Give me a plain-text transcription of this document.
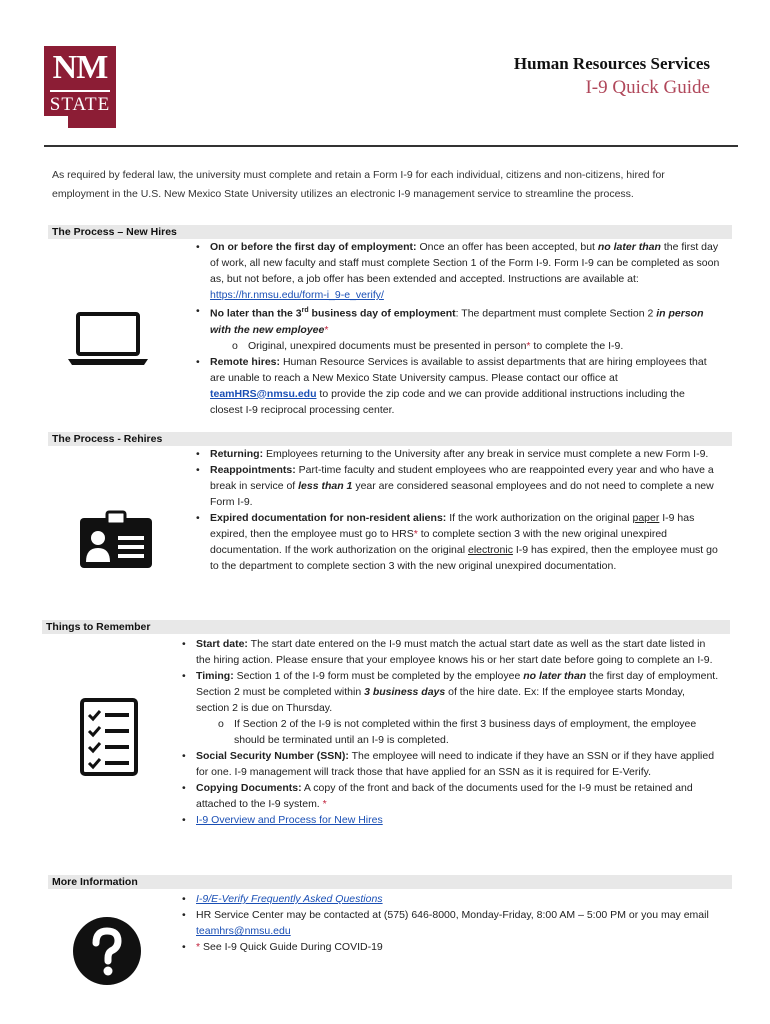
NM
STATE
Human Resources Services
I-9 Quick Guide
As required by federal law, the university must complete and retain a Form I-9 for each individual, citizens and non-citizens, hired for employment in the U.S. New Mexico State University utilizes an electronic I-9 management service to streamline the process.
The Process – New Hires
• On or before the first day of employment: Once an offer has been accepted, but no later than the first day of work, all new faculty and staff must complete Section 1 of the Form I-9. Form I-9 can be completed as soon as, but not before, a job offer has been extended and accepted. Instructions are available at: https://hr.nmsu.edu/form-i_9-e_verify/
• No later than the 3rd business day of employment: The department must complete Section 2 in person with the new employee*
o Original, unexpired documents must be presented in person* to complete the I-9.
• Remote hires: Human Resource Services is available to assist departments that are hiring employees that are unable to reach a New Mexico State University campus. Please contact our office at teamHRS@nmsu.edu to provide the zip code and we can provide additional instructions including the closest I-9 reciprocal processing center.
The Process - Rehires
• Returning: Employees returning to the University after any break in service must complete a new Form I-9.
• Reappointments: Part-time faculty and student employees who are reappointed every year and who have a break in service of less than 1 year are considered seasonal employees and do not need to complete a new Form I-9.
• Expired documentation for non-resident aliens: If the work authorization on the original paper I-9 has expired, then the employee must go to HRS* to complete section 3 with the new original unexpired documentation. If the work authorization on the original electronic I-9 has expired, then the employee must go to the department to complete section 3 with the new original unexpired documentation.
Things to Remember
• Start date: The start date entered on the I-9 must match the actual start date as well as the start date listed in the hiring action. Please ensure that your employee knows his or her start date before going to complete an I-9.
• Timing: Section 1 of the I-9 form must be completed by the employee no later than the first day of employment. Section 2 must be completed within 3 business days of the hire date. Ex: If the employee starts Monday, section 2 is due on Thursday.
o If Section 2 of the I-9 is not completed within the first 3 business days of employment, the employee should be terminated until an I-9 is completed.
• Social Security Number (SSN): The employee will need to indicate if they have an SSN or if they have applied for one. I-9 management will track those that have applied for an SSN as it is required for E-Verify.
• Copying Documents: A copy of the front and back of the documents used for the I-9 must be retained and attached to the I-9 system. *
• I-9 Overview and Process for New Hires
More Information
• I-9/E-Verify Frequently Asked Questions
• HR Service Center may be contacted at (575) 646-8000, Monday-Friday, 8:00 AM – 5:00 PM or you may email teamhrs@nmsu.edu
• * See I-9 Quick Guide During COVID-19
